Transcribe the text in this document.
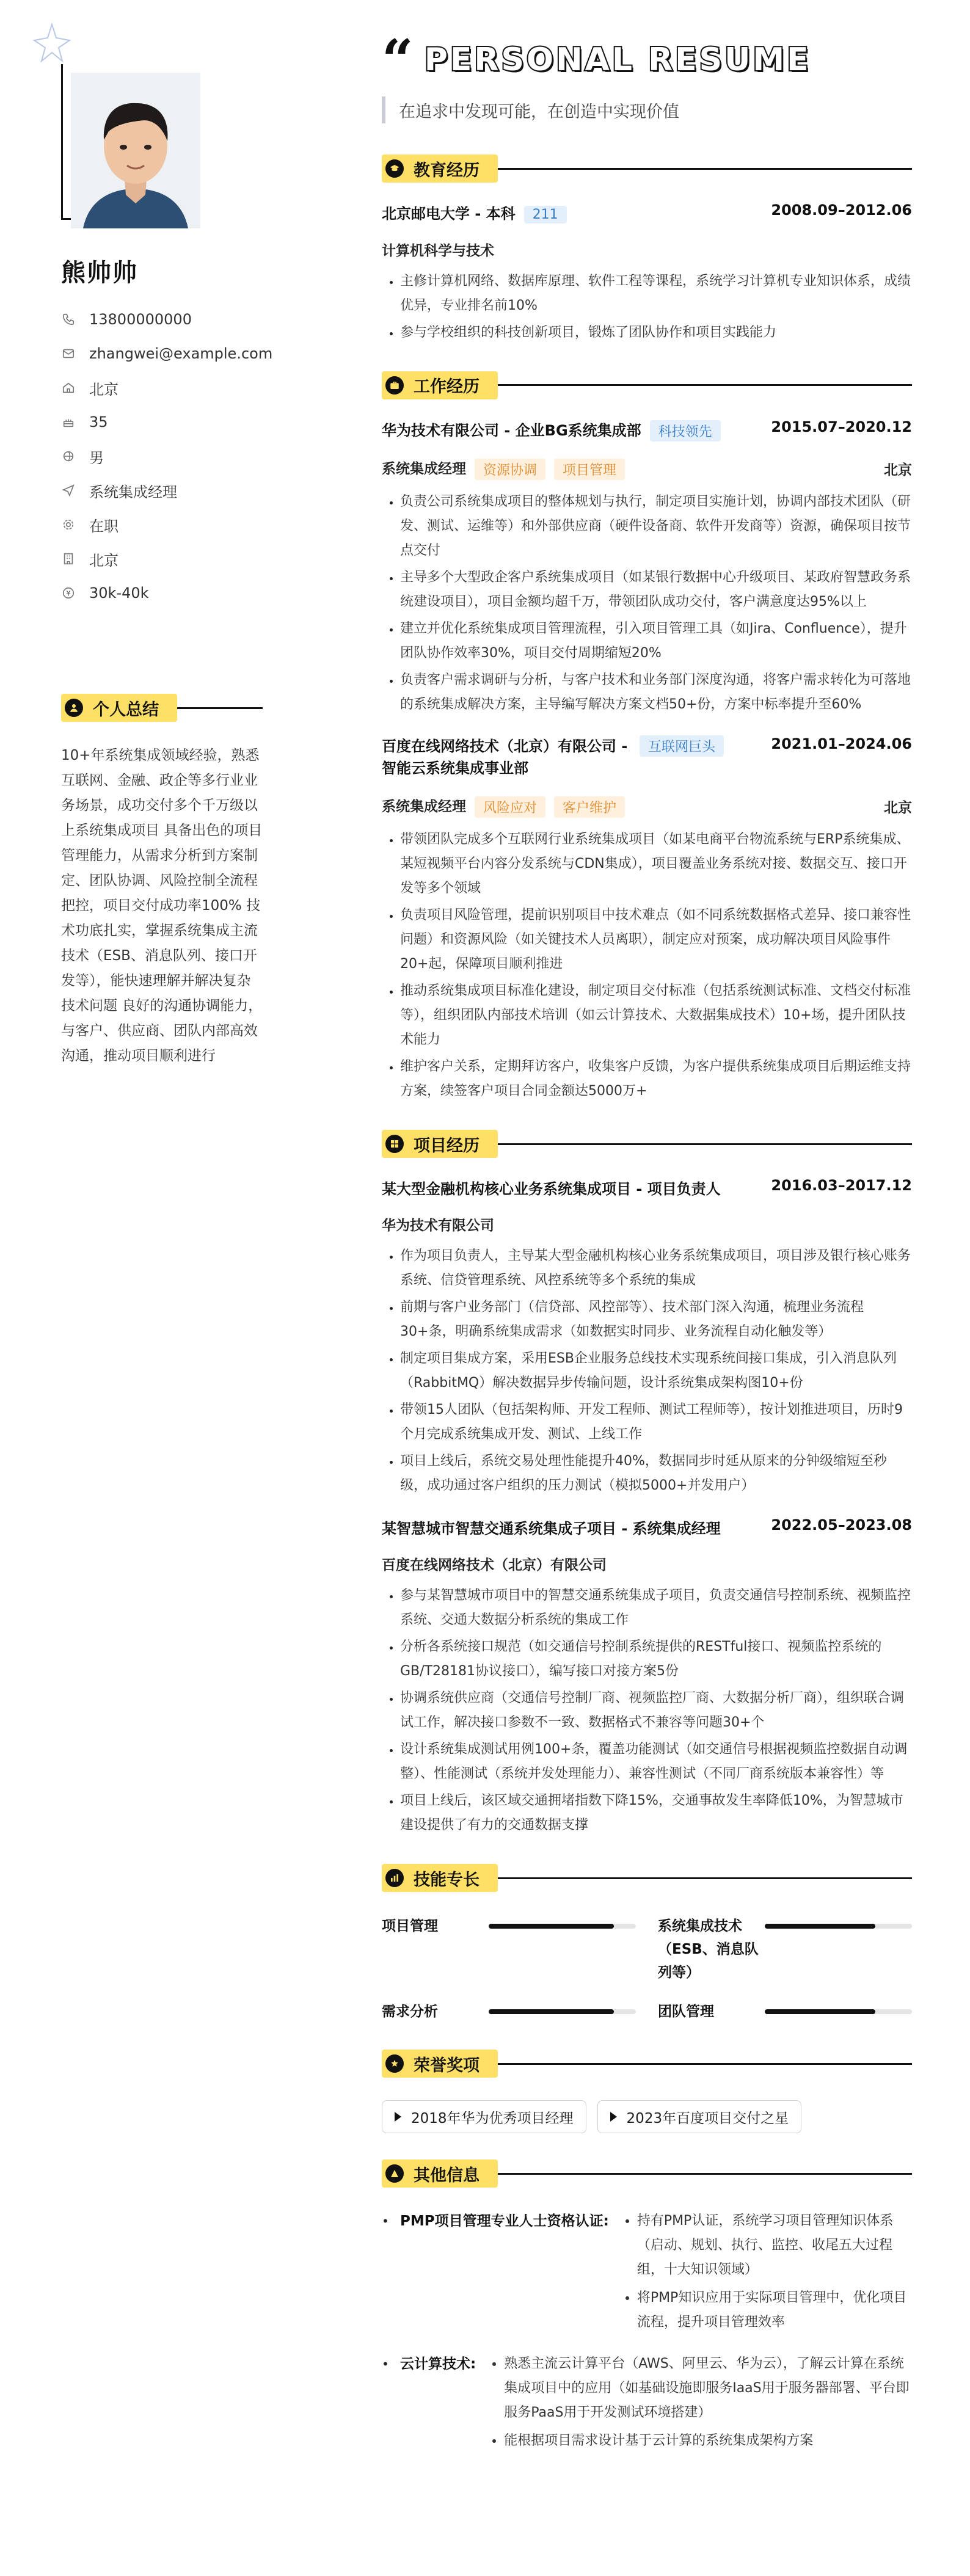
熊帅帅
13800000000
zhangwei@example.com
北京
35
男
系统集成经理
在职
北京
30k-40k
个人总结
10+年系统集成领域经验，熟悉互联网、金融、政企等多行业业务场景，成功交付多个千万级以上系统集成项目 具备出色的项目管理能力，从需求分析到方案制定、团队协调、风险控制全流程把控，项目交付成功率100% 技术功底扎实，掌握系统集成主流技术（ESB、消息队列、接口开发等），能快速理解并解决复杂技术问题 良好的沟通协调能力，与客户、供应商、团队内部高效沟通，推动项目顺利进行
“ PERSONAL RESUME
在追求中发现可能，在创造中实现价值
教育经历
北京邮电大学 - 本科 211	2008.09–2012.06
计算机科学与技术
• 主修计算机网络、数据库原理、软件工程等课程，系统学习计算机专业知识体系，成绩优异，专业排名前10%
• 参与学校组织的科技创新项目，锻炼了团队协作和项目实践能力
工作经历
华为技术有限公司 - 企业BG系统集成部 科技领先	2015.07–2020.12
系统集成经理 资源协调 项目管理	北京
• 负责公司系统集成项目的整体规划与执行，制定项目实施计划，协调内部技术团队（研发、测试、运维等）和外部供应商（硬件设备商、软件开发商等）资源，确保项目按节点交付
• 主导多个大型政企客户系统集成项目（如某银行数据中心升级项目、某政府智慧政务系统建设项目），项目金额均超千万，带领团队成功交付，客户满意度达95%以上
• 建立并优化系统集成项目管理流程，引入项目管理工具（如Jira、Confluence），提升团队协作效率30%，项目交付周期缩短20%
• 负责客户需求调研与分析，与客户技术和业务部门深度沟通，将客户需求转化为可落地的系统集成解决方案，主导编写解决方案文档50+份，方案中标率提升至60%
百度在线网络技术（北京）有限公司 - 智能云系统集成事业部
互联网巨头	2021.01–2024.06
系统集成经理 风险应对 客户维护	北京
• 带领团队完成多个互联网行业系统集成项目（如某电商平台物流系统与ERP系统集成、某短视频平台内容分发系统与CDN集成），项目覆盖业务系统对接、数据交互、接口开发等多个领域
• 负责项目风险管理，提前识别项目中技术难点（如不同系统数据格式差异、接口兼容性问题）和资源风险（如关键技术人员离职），制定应对预案，成功解决项目风险事件20+起，保障项目顺利推进
• 推动系统集成项目标准化建设，制定项目交付标准（包括系统测试标准、文档交付标准等），组织团队内部技术培训（如云计算技术、大数据集成技术）10+场，提升团队技术能力
• 维护客户关系，定期拜访客户，收集客户反馈，为客户提供系统集成项目后期运维支持方案，续签客户项目合同金额达5000万+
项目经历
某大型金融机构核心业务系统集成项目 - 项目负责人	2016.03–2017.12
华为技术有限公司
• 作为项目负责人，主导某大型金融机构核心业务系统集成项目，项目涉及银行核心账务系统、信贷管理系统、风控系统等多个系统的集成
• 前期与客户业务部门（信贷部、风控部等）、技术部门深入沟通，梳理业务流程30+条，明确系统集成需求（如数据实时同步、业务流程自动化触发等）
• 制定项目集成方案，采用ESB企业服务总线技术实现系统间接口集成，引入消息队列（RabbitMQ）解决数据异步传输问题，设计系统集成架构图10+份
• 带领15人团队（包括架构师、开发工程师、测试工程师等），按计划推进项目，历时9个月完成系统集成开发、测试、上线工作
• 项目上线后，系统交易处理性能提升40%，数据同步时延从原来的分钟级缩短至秒级，成功通过客户组织的压力测试（模拟5000+并发用户）
某智慧城市智慧交通系统集成子项目 - 系统集成经理	2022.05–2023.08
百度在线网络技术（北京）有限公司
• 参与某智慧城市项目中的智慧交通系统集成子项目，负责交通信号控制系统、视频监控系统、交通大数据分析系统的集成工作
• 分析各系统接口规范（如交通信号控制系统提供的RESTful接口、视频监控系统的GB/T28181协议接口），编写接口对接方案5份
• 协调系统供应商（交通信号控制厂商、视频监控厂商、大数据分析厂商），组织联合调试工作，解决接口参数不一致、数据格式不兼容等问题30+个
• 设计系统集成测试用例100+条，覆盖功能测试（如交通信号根据视频监控数据自动调整）、性能测试（系统并发处理能力）、兼容性测试（不同厂商系统版本兼容性）等
• 项目上线后，该区域交通拥堵指数下降15%，交通事故发生率降低10%，为智慧城市建设提供了有力的交通数据支撑
技能专长
项目管理	系统集成技术（ESB、消息队列等）
需求分析	团队管理
荣誉奖项
2018年华为优秀项目经理	2023年百度项目交付之星
其他信息
• PMP项目管理专业人士资格认证: • 持有PMP认证，系统学习项目管理知识体系（启动、规划、执行、监控、收尾五大过程组，十大知识领域）
• 将PMP知识应用于实际项目管理中，优化项目流程，提升项目管理效率
• 云计算技术: • 熟悉主流云计算平台（AWS、阿里云、华为云），了解云计算在系统集成项目中的应用（如基础设施即服务IaaS用于服务器部署、平台即服务PaaS用于开发测试环境搭建）
• 能根据项目需求设计基于云计算的系统集成架构方案
